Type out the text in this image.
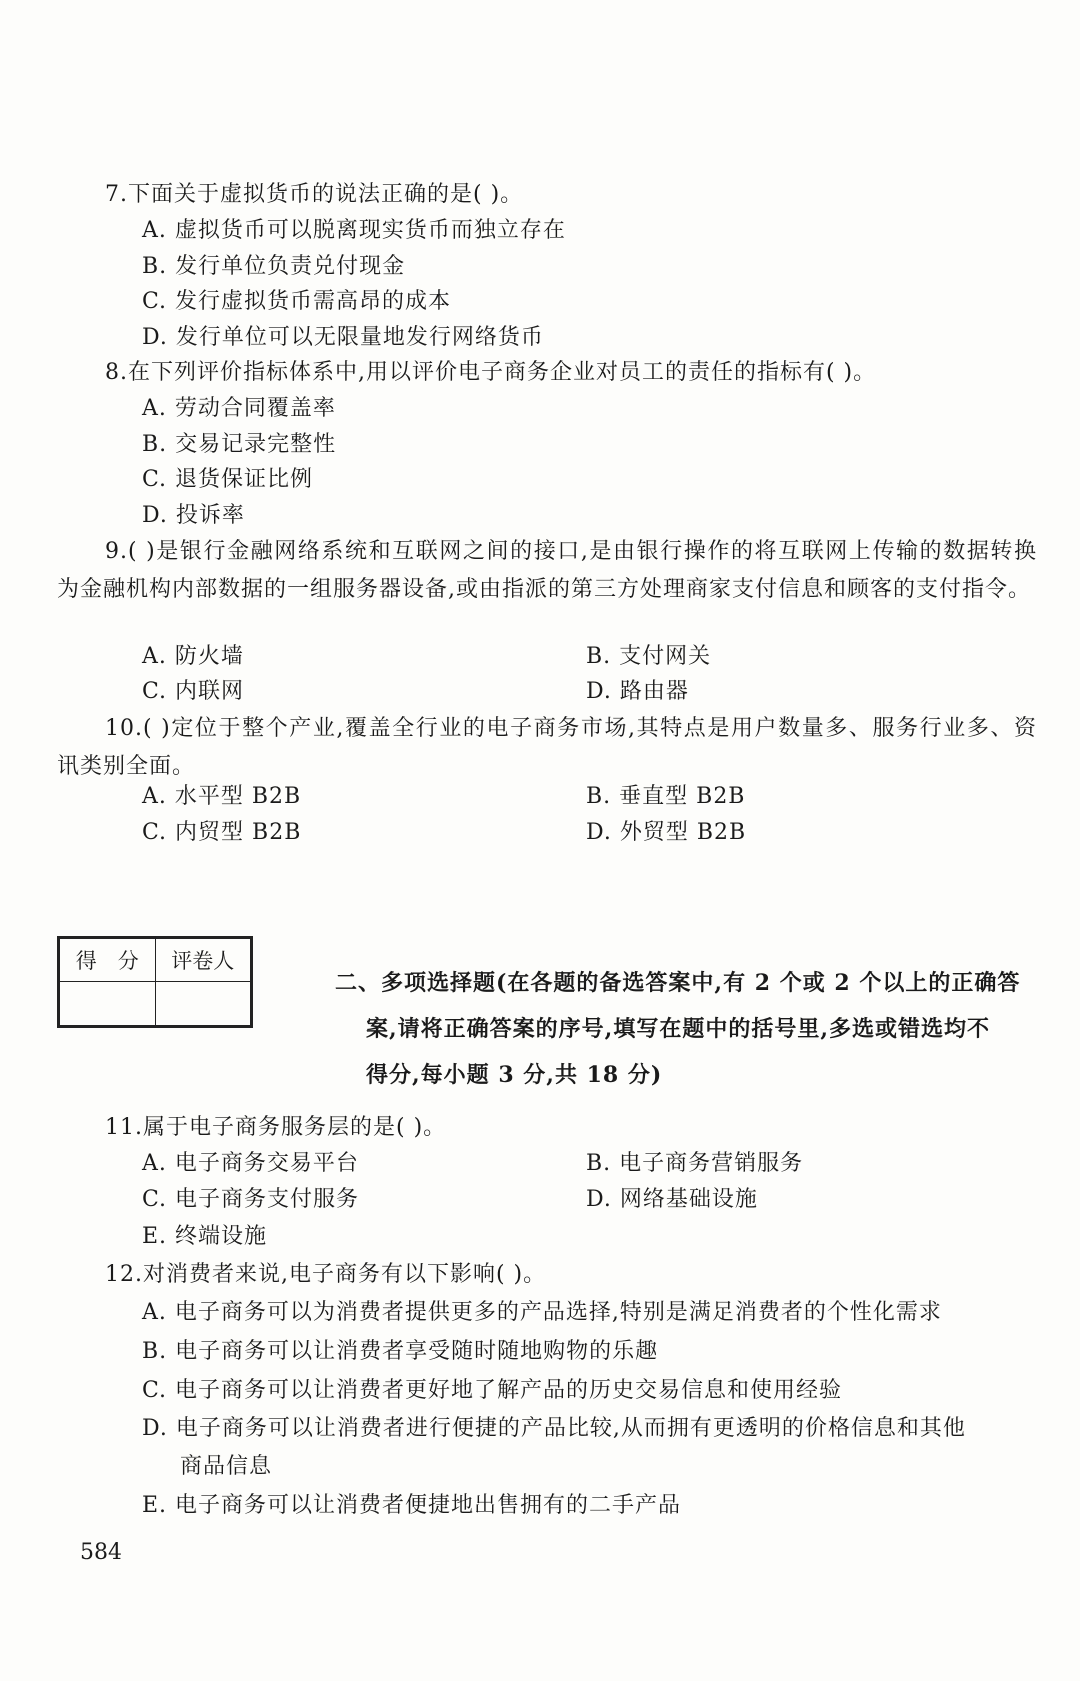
7.下面关于虚拟货币的说法正确的是( )。
A. 虚拟货币可以脱离现实货币而独立存在
B. 发行单位负责兑付现金
C. 发行虚拟货币需高昂的成本
D. 发行单位可以无限量地发行网络货币
8.在下列评价指标体系中,用以评价电子商务企业对员工的责任的指标有( )。
A. 劳动合同覆盖率
B. 交易记录完整性
C. 退货保证比例
D. 投诉率
9.( )是银行金融网络系统和互联网之间的接口,是由银行操作的将互联网上传输的数据转换为金融机构内部数据的一组服务器设备,或由指派的第三方处理商家支付信息和顾客的支付指令。
A. 防火墙	B. 支付网关
C. 内联网	D. 路由器
10.( )定位于整个产业,覆盖全行业的电子商务市场,其特点是用户数量多、服务行业多、资讯类别全面。
A. 水平型 B2B	B. 垂直型 B2B
C. 内贸型 B2B	D. 外贸型 B2B
得　分	评卷人

二、多项选择题(在各题的备选答案中,有 2 个或 2 个以上的正确答
案,请将正确答案的序号,填写在题中的括号里,多选或错选均不
得分,每小题 3 分,共 18 分)
11.属于电子商务服务层的是( )。
A. 电子商务交易平台	B. 电子商务营销服务
C. 电子商务支付服务	D. 网络基础设施
E. 终端设施
12.对消费者来说,电子商务有以下影响( )。
A. 电子商务可以为消费者提供更多的产品选择,特别是满足消费者的个性化需求
B. 电子商务可以让消费者享受随时随地购物的乐趣
C. 电子商务可以让消费者更好地了解产品的历史交易信息和使用经验
D. 电子商务可以让消费者进行便捷的产品比较,从而拥有更透明的价格信息和其他
商品信息
E. 电子商务可以让消费者便捷地出售拥有的二手产品
584
